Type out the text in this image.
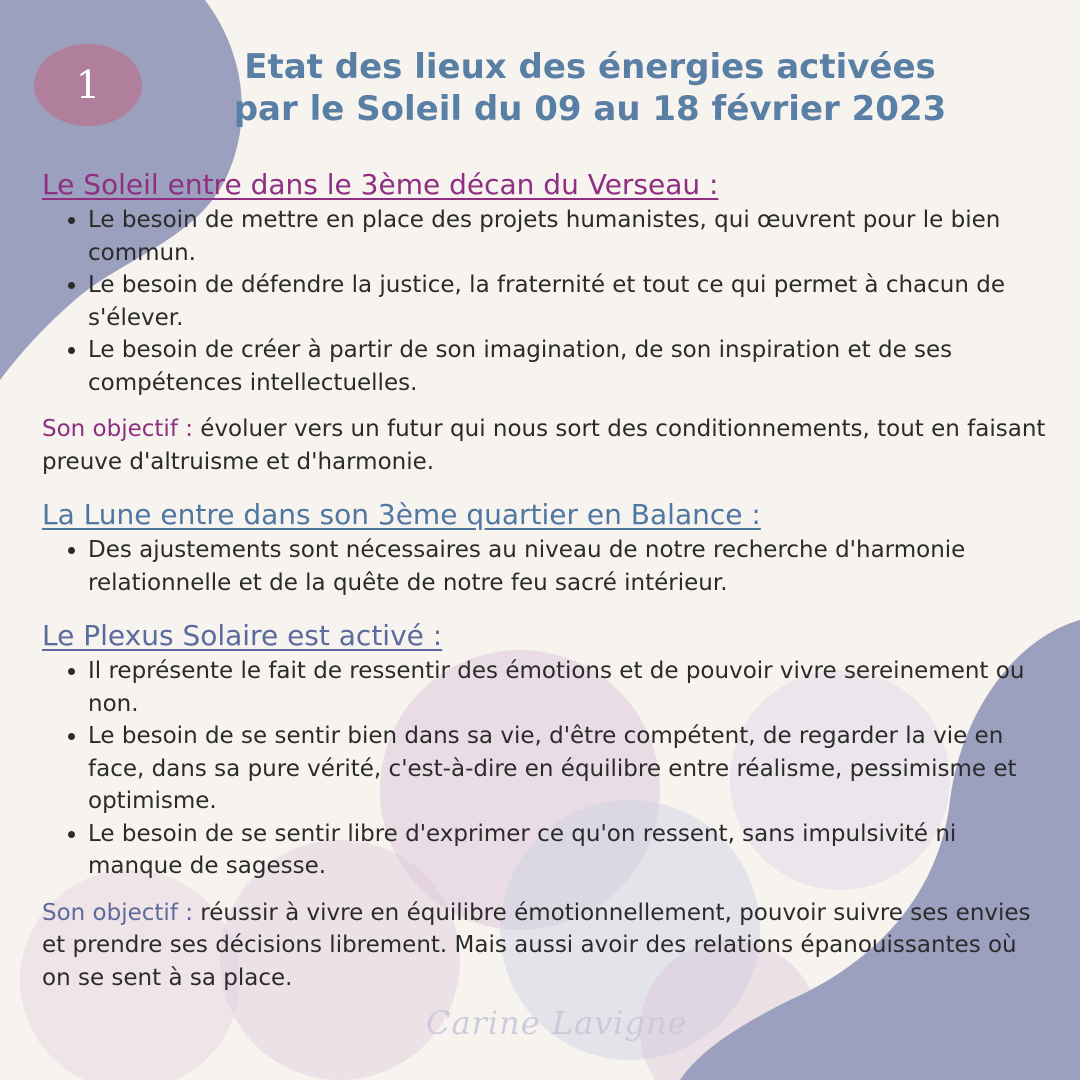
1	Etat des lieux des énergies activées
par le Soleil du 09 au 18 février 2023
Le Soleil entre dans le 3ème décan du Verseau :
• Le besoin de mettre en place des projets humanistes, qui œuvrent pour le bien commun.
• Le besoin de défendre la justice, la fraternité et tout ce qui permet à chacun de s'élever.
• Le besoin de créer à partir de son imagination, de son inspiration et de ses compétences intellectuelles.

Son objectif : évoluer vers un futur qui nous sort des conditionnements, tout en faisant preuve d'altruisme et d'harmonie.

La Lune entre dans son 3ème quartier en Balance :
• Des ajustements sont nécessaires au niveau de notre recherche d'harmonie relationnelle et de la quête de notre feu sacré intérieur.
Le Plexus Solaire est activé :
• Il représente le fait de ressentir des émotions et de pouvoir vivre sereinement ou non.
• Le besoin de se sentir bien dans sa vie, d'être compétent, de regarder la vie en face, dans sa pure vérité, c'est-à-dire en équilibre entre réalisme, pessimisme et optimisme.
• Le besoin de se sentir libre d'exprimer ce qu'on ressent, sans impulsivité ni manque de sagesse.

Son objectif : réussir à vivre en équilibre émotionnellement, pouvoir suivre ses envies et prendre ses décisions librement. Mais aussi avoir des relations épanouissantes où on se sent à sa place.

Carine Lavigne
